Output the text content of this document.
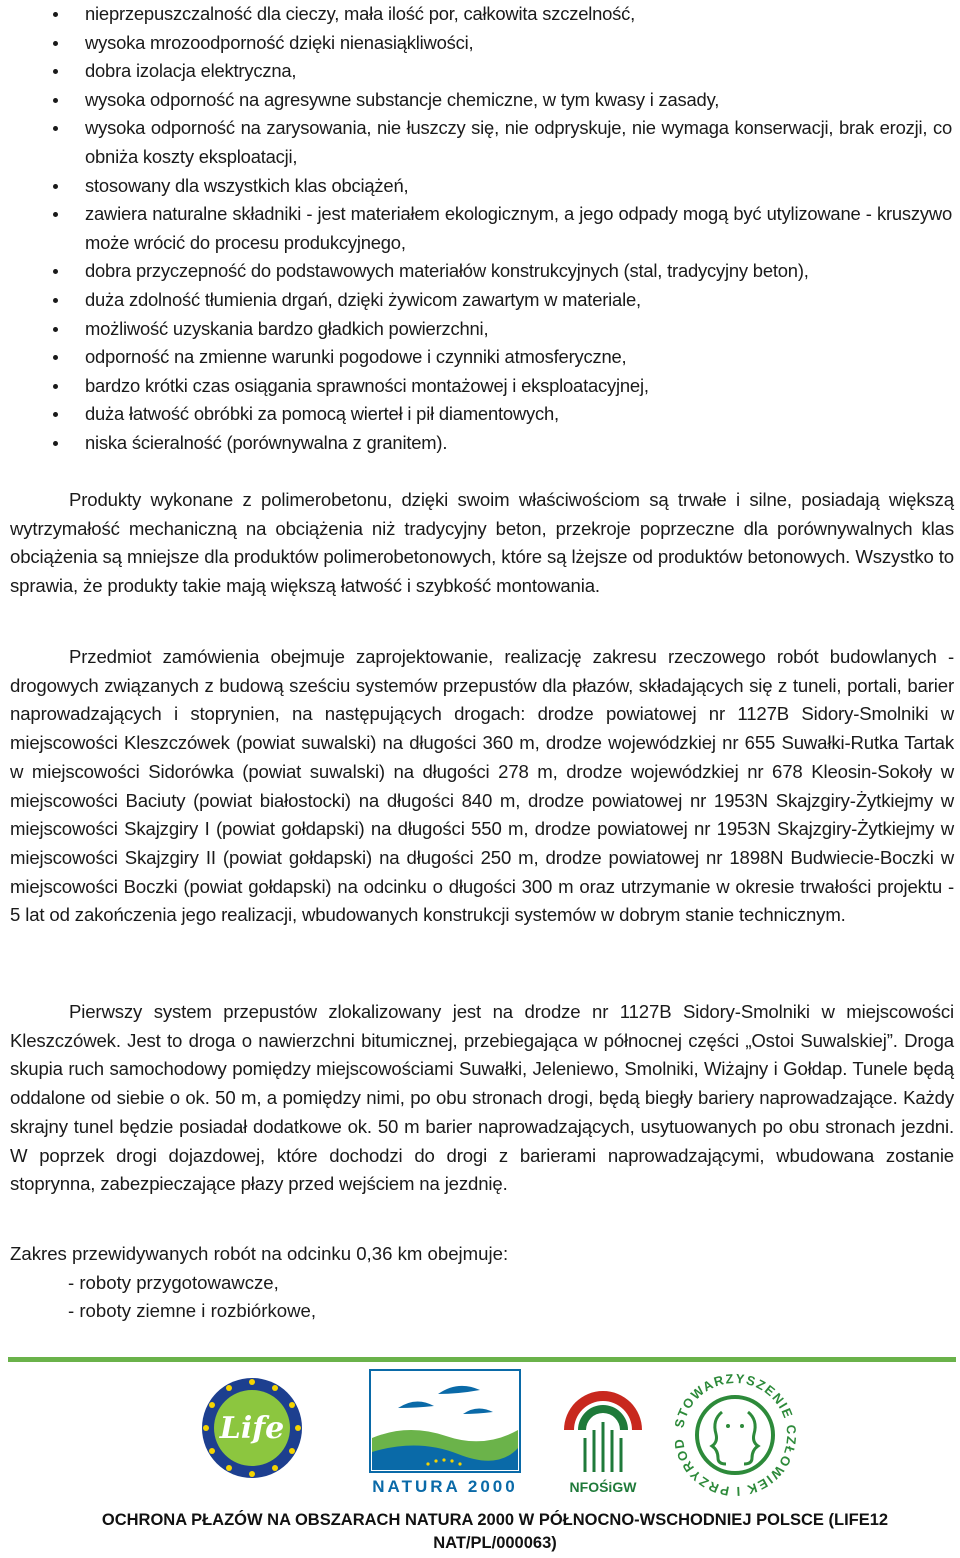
nieprzepuszczalność dla cieczy, mała ilość por, całkowita szczelność,
wysoka mrozoodporność dzięki nienasiąkliwości,
dobra izolacja elektryczna,
wysoka odporność na agresywne substancje chemiczne, w tym kwasy i zasady,
wysoka odporność na zarysowania, nie łuszczy się, nie odpryskuje, nie wymaga konserwacji, brak erozji, co obniża koszty eksploatacji,
stosowany dla wszystkich klas obciążeń,
zawiera naturalne składniki - jest materiałem ekologicznym, a jego odpady mogą być utylizowane - kruszywo może wrócić do procesu produkcyjnego,
dobra przyczepność do podstawowych materiałów konstrukcyjnych (stal, tradycyjny beton),
duża zdolność tłumienia drgań, dzięki żywicom zawartym w materiale,
możliwość uzyskania bardzo gładkich powierzchni,
odporność na zmienne warunki pogodowe i czynniki atmosferyczne,
bardzo krótki czas osiągania sprawności montażowej i eksploatacyjnej,
duża łatwość obróbki za pomocą wierteł i pił diamentowych,
niska ścieralność (porównywalna z granitem).

Produkty wykonane z polimerobetonu, dzięki swoim właściwościom są trwałe i silne, posiadają większą wytrzymałość mechaniczną na obciążenia niż tradycyjny beton, przekroje poprzeczne dla porównywalnych klas obciążenia są mniejsze dla produktów polimerobetonowych, które są lżejsze od produktów betonowych. Wszystko to sprawia, że produkty takie mają większą łatwość i szybkość montowania.

Przedmiot zamówienia obejmuje zaprojektowanie, realizację zakresu rzeczowego robót budowlanych - drogowych związanych z budową sześciu systemów przepustów dla płazów, składających się z tuneli, portali, barier naprowadzających i stoprynien, na następujących drogach: drodze powiatowej nr 1127B Sidory-Smolniki w miejscowości Kleszczówek (powiat suwalski) na długości 360 m, drodze wojewódzkiej nr 655 Suwałki-Rutka Tartak w miejscowości Sidorówka (powiat suwalski) na długości 278 m, drodze wojewódzkiej nr 678 Kleosin-Sokoły w miejscowości Baciuty (powiat białostocki) na długości 840 m, drodze powiatowej nr 1953N Skajzgiry-Żytkiejmy w miejscowości Skajzgiry I (powiat gołdapski) na długości 550 m, drodze powiatowej nr 1953N Skajzgiry-Żytkiejmy w miejscowości Skajzgiry II (powiat gołdapski) na długości 250 m, drodze powiatowej nr 1898N Budwiecie-Boczki w miejscowości Boczki (powiat gołdapski) na odcinku o długości 300 m oraz utrzymanie w okresie trwałości projektu - 5 lat od zakończenia jego realizacji, wbudowanych konstrukcji systemów w dobrym stanie technicznym.

Pierwszy system przepustów zlokalizowany jest na drodze nr 1127B Sidory-Smolniki w miejscowości Kleszczówek. Jest to droga o nawierzchni bitumicznej, przebiegająca w północnej części „Ostoi Suwalskiej”. Droga skupia ruch samochodowy pomiędzy miejscowościami Suwałki, Jeleniewo, Smolniki, Wiżajny i Gołdap. Tunele będą oddalone od siebie o ok. 50 m, a pomiędzy nimi, po obu stronach drogi, będą biegły bariery naprowadzające. Każdy skrajny tunel będzie posiadał dodatkowe ok. 50 m barier naprowadzających, usytuowanych po obu stronach jezdni. W poprzek drogi dojazdowej, które dochodzi do drogi z barierami naprowadzającymi, wbudowana zostanie stoprynna, zabezpieczające płazy przed wejściem na jezdnię.

Zakres przewidywanych robót na odcinku 0,36 km obejmuje:
- roboty przygotowawcze,
- roboty ziemne i rozbiórkowe,
Life
NATURA 2000	NFOŚiGW
STOWARZYSZENIE CZŁOWIEK I PRZYROD
OCHRONA PŁAZÓW NA OBSZARACH NATURA 2000 W PÓŁNOCNO-WSCHODNIEJ POLSCE (LIFE12
NAT/PL/000063)
